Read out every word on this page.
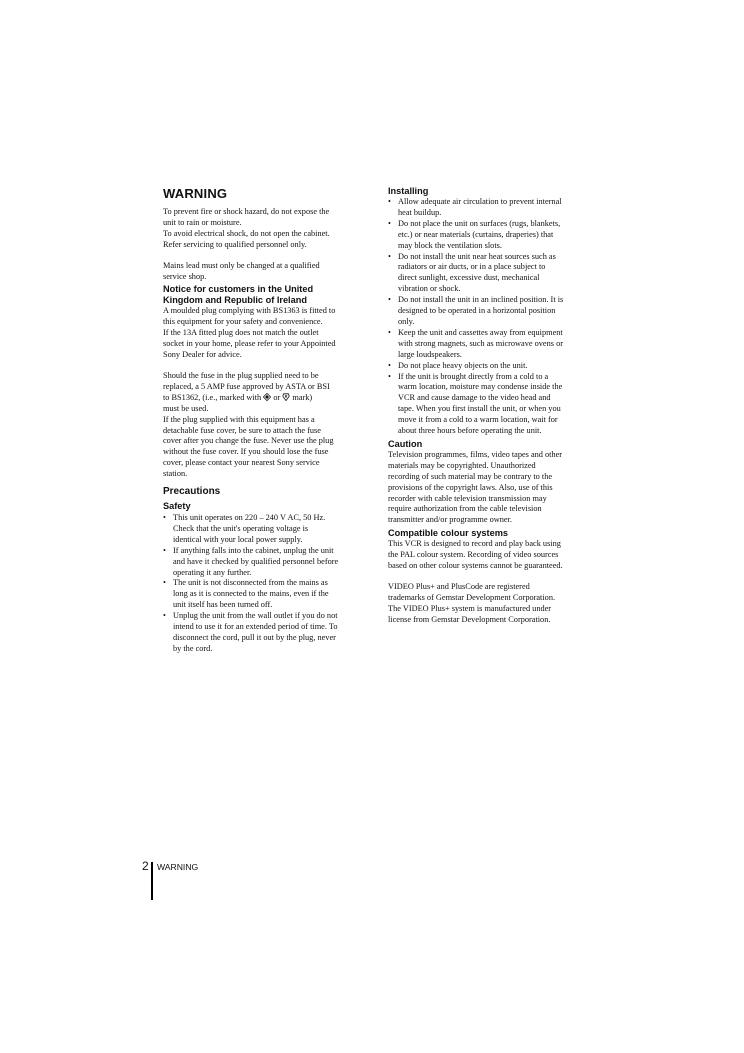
WARNING

To prevent fire or shock hazard, do not expose the
unit to rain or moisture.
To avoid electrical shock, do not open the cabinet.
Refer servicing to qualified personnel only.

Mains lead must only be changed at a qualified
service shop.

Notice for customers in the United
Kingdom and Republic of Ireland

A moulded plug complying with BS1363 is fitted to
this equipment for your safety and convenience.
If the 13A fitted plug does not match the outlet
socket in your home, please refer to your Appointed
Sony Dealer for advice.

Should the fuse in the plug supplied need to be
replaced, a 5 AMP fuse approved by ASTA or BSI
to BS1362, (i.e., marked with  or  mark)
must be used.
If the plug supplied with this equipment has a
detachable fuse cover, be sure to attach the fuse
cover after you change the fuse. Never use the plug
without the fuse cover. If you should lose the fuse
cover, please contact your nearest Sony service
station.

Precautions
Safety
• This unit operates on 220 – 240 V AC, 50 Hz.
Check that the unit's operating voltage is
identical with your local power supply.
• If anything falls into the cabinet, unplug the unit
and have it checked by qualified personnel before
operating it any further.
• The unit is not disconnected from the mains as
long as it is connected to the mains, even if the
unit itself has been turned off.
• Unplug the unit from the wall outlet if you do not
intend to use it for an extended period of time. To
disconnect the cord, pull it out by the plug, never
by the cord.
Installing
• Allow adequate air circulation to prevent internal
heat buildup.
• Do not place the unit on surfaces (rugs, blankets,
etc.) or near materials (curtains, draperies) that
may block the ventilation slots.
• Do not install the unit near heat sources such as
radiators or air ducts, or in a place subject to
direct sunlight, excessive dust, mechanical
vibration or shock.
• Do not install the unit in an inclined position. It is
designed to be operated in a horizontal position
only.
• Keep the unit and cassettes away from equipment
with strong magnets, such as microwave ovens or
large loudspeakers.
• Do not place heavy objects on the unit.
• If the unit is brought directly from a cold to a
warm location, moisture may condense inside the
VCR and cause damage to the video head and
tape. When you first install the unit, or when you
move it from a cold to a warm location, wait for
about three hours before operating the unit.
Caution

Television programmes, films, video tapes and other
materials may be copyrighted. Unauthorized
recording of such material may be contrary to the
provisions of the copyright laws. Also, use of this
recorder with cable television transmission may
require authorization from the cable television
transmitter and/or programme owner.

Compatible colour systems

This VCR is designed to record and play back using
the PAL colour system. Recording of video sources
based on other colour systems cannot be guaranteed.

VIDEO Plus+ and PlusCode are registered
trademarks of Gemstar Development Corporation.
The VIDEO Plus+ system is manufactured under
license from Gemstar Development Corporation.

2 WARNING
